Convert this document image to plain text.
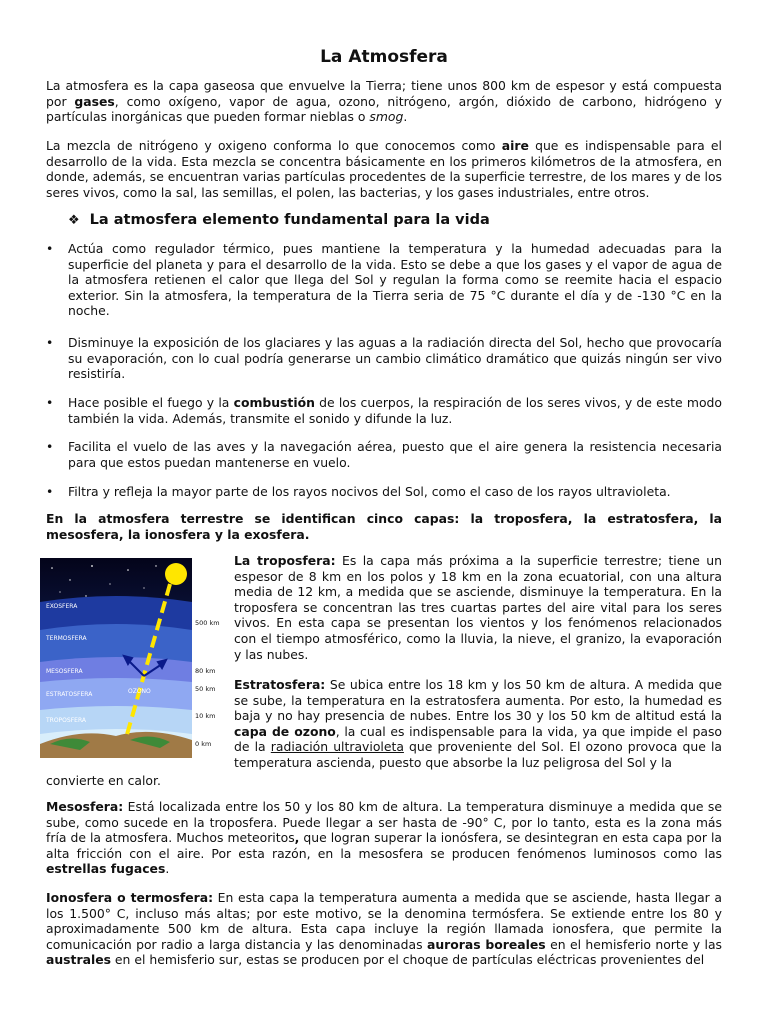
La Atmosfera

La atmosfera es la capa gaseosa que envuelve la Tierra; tiene unos 800 km de espesor y está compuesta por gases, como oxígeno, vapor de agua, ozono, nitrógeno, argón, dióxido de carbono, hidrógeno y partículas inorgánicas que pueden formar nieblas o smog.

La mezcla de nitrógeno y oxigeno conforma lo que conocemos como aire que es indispensable para el desarrollo de la vida. Esta mezcla se concentra básicamente en los primeros kilómetros de la atmosfera, en donde, además, se encuentran varias partículas procedentes de la superficie terrestre, de los mares y de los seres vivos, como la sal, las semillas, el polen, las bacterias, y los gases industriales, entre otros.

❖ La atmosfera elemento fundamental para la vida
• Actúa como regulador térmico, pues mantiene la temperatura y la humedad adecuadas para la superficie del planeta y para el desarrollo de la vida. Esto se debe a que los gases y el vapor de agua de la atmosfera retienen el calor que llega del Sol y regulan la forma como se reemite hacia el espacio exterior. Sin la atmosfera, la temperatura de la Tierra seria de 75 °C durante el día y de -130 °C en la noche.
• Disminuye la exposición de los glaciares y las aguas a la radiación directa del Sol, hecho que provocaría su evaporación, con lo cual podría generarse un cambio climático dramático que quizás ningún ser vivo resistiría.
• Hace posible el fuego y la combustión de los cuerpos, la respiración de los seres vivos, y de este modo también la vida. Además, transmite el sonido y difunde la luz.
• Facilita el vuelo de las aves y la navegación aérea, puesto que el aire genera la resistencia necesaria para que estos puedan mantenerse en vuelo.
• Filtra y refleja la mayor parte de los rayos nocivos del Sol, como el caso de los rayos ultravioleta.

En la atmosfera terrestre se identifican cinco capas: la troposfera, la estratosfera, la mesosfera, la ionosfera y la exosfera.

EXOSFERA
TERMOSFERA
MESOSFERA
ESTRATOSFERA
TROPOSFERA
OZONO
500 km
80 km
50 km
10 km
0 km

La troposfera: Es la capa más próxima a la superficie terrestre; tiene un espesor de 8 km en los polos y 18 km en la zona ecuatorial, con una altura media de 12 km, a medida que se asciende, disminuye la temperatura. En la troposfera se concentran las tres cuartas partes del aire vital para los seres vivos. En esta capa se presentan los vientos y los fenómenos relacionados con el tiempo atmosférico, como la lluvia, la nieve, el granizo, la evaporación y las nubes.

Estratosfera: Se ubica entre los 18 km y los 50 km de altura. A medida que se sube, la temperatura en la estratosfera aumenta. Por esto, la humedad es baja y no hay presencia de nubes. Entre los 30 y los 50 km de altitud está la capa de ozono, la cual es indispensable para la vida, ya que impide el paso de la radiación ultravioleta que proveniente del Sol. El ozono provoca que la temperatura ascienda, puesto que absorbe la luz peligrosa del Sol y la

convierte en calor.

Mesosfera: Está localizada entre los 50 y los 80 km de altura. La temperatura disminuye a medida que se sube, como sucede en la troposfera. Puede llegar a ser hasta de -90° C, por lo tanto, esta es la zona más fría de la atmosfera. Muchos meteoritos, que logran superar la ionósfera, se desintegran en esta capa por la alta fricción con el aire. Por esta razón, en la mesosfera se producen fenómenos luminosos como las estrellas fugaces.

Ionosfera o termosfera: En esta capa la temperatura aumenta a medida que se asciende, hasta llegar a los 1.500° C, incluso más altas; por este motivo, se la denomina termósfera. Se extiende entre los 80 y aproximadamente 500 km de altura. Esta capa incluye la región llamada ionosfera, que permite la comunicación por radio a larga distancia y las denominadas auroras boreales en el hemisferio norte y las australes en el hemisferio sur, estas se producen por el choque de partículas eléctricas provenientes del
